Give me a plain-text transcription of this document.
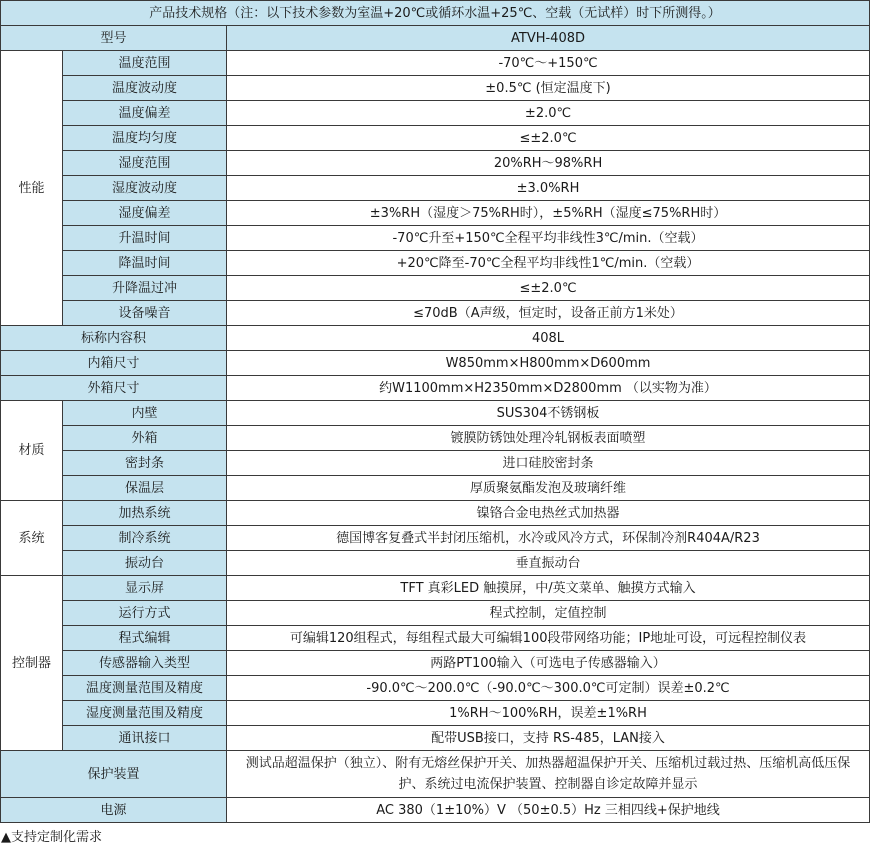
产品技术规格（注：以下技术参数为室温+20℃或循环水温+25℃、空载（无试样）时下所测得。）		
型号		ATVH-408D
性能	温度范围	-70℃～+150℃
	温度波动度	±0.5℃ (恒定温度下)
	温度偏差	±2.0℃
	温度均匀度	≤±2.0℃
	湿度范围	20%RH～98%RH
	湿度波动度	±3.0%RH
	湿度偏差	±3%RH（湿度＞75%RH时），±5%RH（湿度≤75%RH时）
	升温时间	-70℃升至+150℃全程平均非线性3℃/min.（空载）
	降温时间	+20℃降至-70℃全程平均非线性1℃/min.（空载）
	升降温过冲	≤±2.0℃
	设备噪音	≤70dB（A声级，恒定时，设备正前方1米处）
标称内容积		408L
内箱尺寸		W850mm×H800mm×D600mm
外箱尺寸		约W1100mm×H2350mm×D2800mm （以实物为准）
材质	内壁	SUS304不锈钢板
	外箱	镀膜防锈蚀处理冷轧钢板表面喷塑
	密封条	进口硅胶密封条
	保温层	厚质聚氨酯发泡及玻璃纤维
系统	加热系统	镍铬合金电热丝式加热器
	制冷系统	德国博客复叠式半封闭压缩机，水冷或风冷方式，环保制冷剂R404A/R23
	振动台	垂直振动台
控制器	显示屏	TFT 真彩LED 触摸屏，中/英文菜单、触摸方式输入
	运行方式	程式控制，定值控制
	程式编辑	可编辑120组程式，每组程式最大可编辑100段带网络功能；IP地址可设，可远程控制仪表
	传感器输入类型	两路PT100输入（可选电子传感器输入）
	温度测量范围及精度	-90.0℃～200.0℃（-90.0℃～300.0℃可定制）误差±0.2℃
	湿度测量范围及精度	1%RH～100%RH，误差±1%RH
	通讯接口	配带USB接口，支持 RS-485，LAN接入
保护装置		测试品超温保护（独立）、附有无熔丝保护开关、加热器超温保护开关、压缩机过载过热、压缩机高低压保护、系统过电流保护装置、控制器自诊定故障并显示
电源		AC 380（1±10%）V （50±0.5）Hz 三相四线+保护地线
▲支持定制化需求
